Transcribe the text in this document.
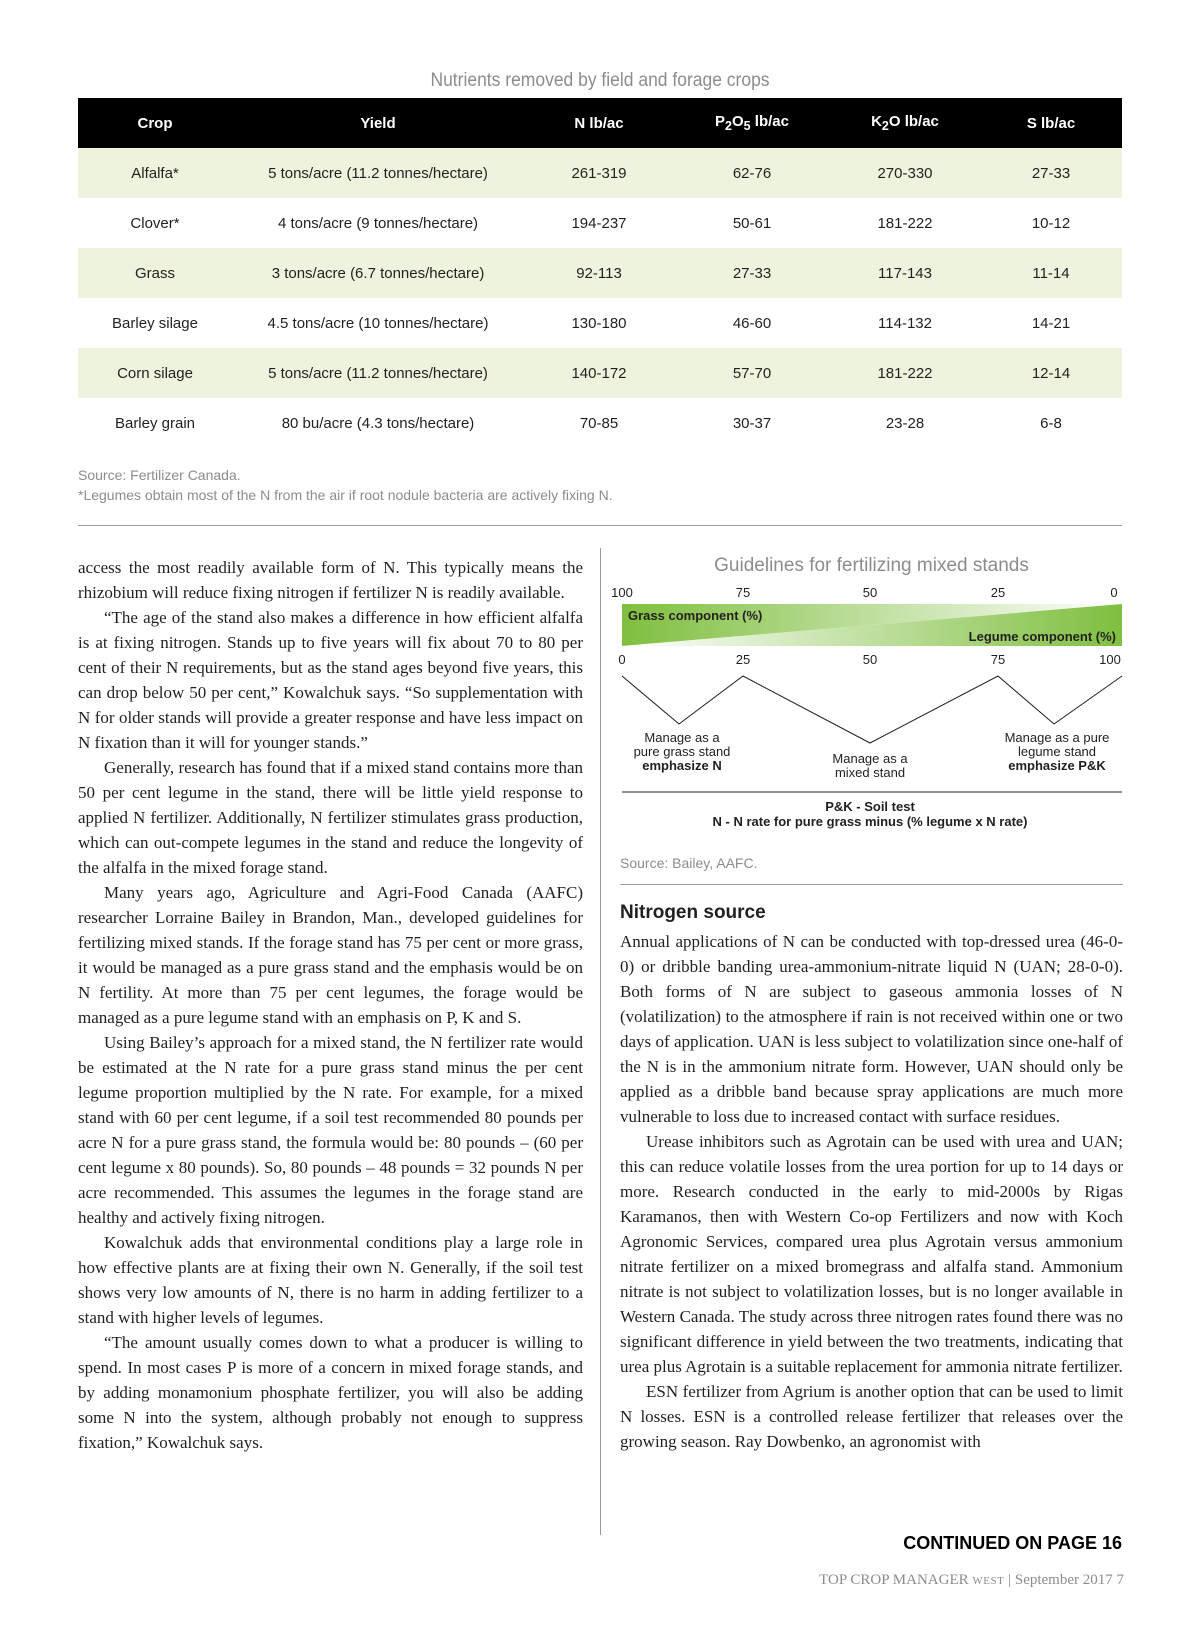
Nutrients removed by field and forage crops
Crop	Yield	N lb/ac	$P_2O_5$ lb/ac	$K_2O$ lb/ac	S lb/ac
Alfalfa*	5 tons/acre (11.2 tonnes/hectare)	261-319	62-76	270-330	27-33
Clover*	4 tons/acre (9 tonnes/hectare)	194-237	50-61	181-222	10-12
Grass	3 tons/acre (6.7 tonnes/hectare)	92-113	27-33	117-143	11-14
Barley silage	4.5 tons/acre (10 tonnes/hectare)	130-180	46-60	114-132	14-21
Corn silage	5 tons/acre (11.2 tonnes/hectare)	140-172	57-70	181-222	12-14
Barley grain	80 bu/acre (4.3 tons/hectare)	70-85	30-37	23-28	6-8
Source: Fertilizer Canada.
*Legumes obtain most of the N from the air if root nodule bacteria are actively fixing N.

access the most readily available form of N. This typically means the rhizobium will reduce fixing nitrogen if fertilizer N is readily available.

“The age of the stand also makes a difference in how efficient alfalfa is at fixing nitrogen. Stands up to five years will fix about 70 to 80 per cent of their N requirements, but as the stand ages beyond five years, this can drop below 50 per cent,” Kowalchuk says. “So supplementation with N for older stands will provide a greater response and have less impact on N fixation than it will for younger stands.”

Generally, research has found that if a mixed stand contains more than 50 per cent legume in the stand, there will be little yield response to applied N fertilizer. Additionally, N fertilizer stimulates grass production, which can out-compete legumes in the stand and reduce the longevity of the alfalfa in the mixed forage stand.

Many years ago, Agriculture and Agri-Food Canada (AAFC) researcher Lorraine Bailey in Brandon, Man., developed guidelines for fertilizing mixed stands. If the forage stand has 75 per cent or more grass, it would be managed as a pure grass stand and the emphasis would be on N fertility. At more than 75 per cent legumes, the forage would be managed as a pure legume stand with an emphasis on P, K and S.

Using Bailey’s approach for a mixed stand, the N fertilizer rate would be estimated at the N rate for a pure grass stand minus the per cent legume proportion multiplied by the N rate. For example, for a mixed stand with 60 per cent legume, if a soil test recommended 80 pounds per acre N for a pure grass stand, the formula would be: 80 pounds – (60 per cent legume x 80 pounds). So, 80 pounds – 48 pounds = 32 pounds N per acre recommended. This assumes the legumes in the forage stand are healthy and actively fixing nitrogen.

Kowalchuk adds that environmental conditions play a large role in how effective plants are at fixing their own N. Generally, if the soil test shows very low amounts of N, there is no harm in adding fertilizer to a stand with higher levels of legumes.

“The amount usually comes down to what a producer is willing to spend. In most cases P is more of a concern in mixed forage stands, and by adding monamonium phosphate fertilizer, you will also be adding some N into the system, although probably not enough to suppress fixation,” Kowalchuk says.

Guidelines for fertilizing mixed stands
100	75	50	25	0
Grass component (%)
Legume component (%)
0	25	50	75	100
Manage as a
pure grass stand
emphasize N	Manage as a
mixed stand
Manage as a pure
legume stand
emphasize P&K
P&K - Soil test
N - N rate for pure grass minus (% legume x N rate)
Source: Bailey, AAFC.
Nitrogen source

Annual applications of N can be conducted with top-dressed urea (46-0-0) or dribble banding urea-ammonium-nitrate liquid N (UAN; 28-0-0). Both forms of N are subject to gaseous ammonia losses of N (volatilization) to the atmosphere if rain is not received within one or two days of application. UAN is less subject to volatilization since one-half of the N is in the ammonium nitrate form. However, UAN should only be applied as a dribble band because spray applications are much more vulnerable to loss due to increased contact with surface residues.

Urease inhibitors such as Agrotain can be used with urea and UAN; this can reduce volatile losses from the urea portion for up to 14 days or more. Research conducted in the early to mid-2000s by Rigas Karamanos, then with Western Co-op Fertilizers and now with Koch Agronomic Services, compared urea plus Agrotain versus ammonium nitrate fertilizer on a mixed bromegrass and alfalfa stand. Ammonium nitrate is not subject to volatilization losses, but is no longer available in Western Canada. The study across three nitrogen rates found there was no significant difference in yield between the two treatments, indicating that urea plus Agrotain is a suitable replacement for ammonia nitrate fertilizer.

ESN fertilizer from Agrium is another option that can be used to limit N losses. ESN is a controlled release fertilizer that releases over the growing season. Ray Dowbenko, an agronomist with

CONTINUED ON PAGE 16
TOP CROP MANAGER WEST | September 2017 7
